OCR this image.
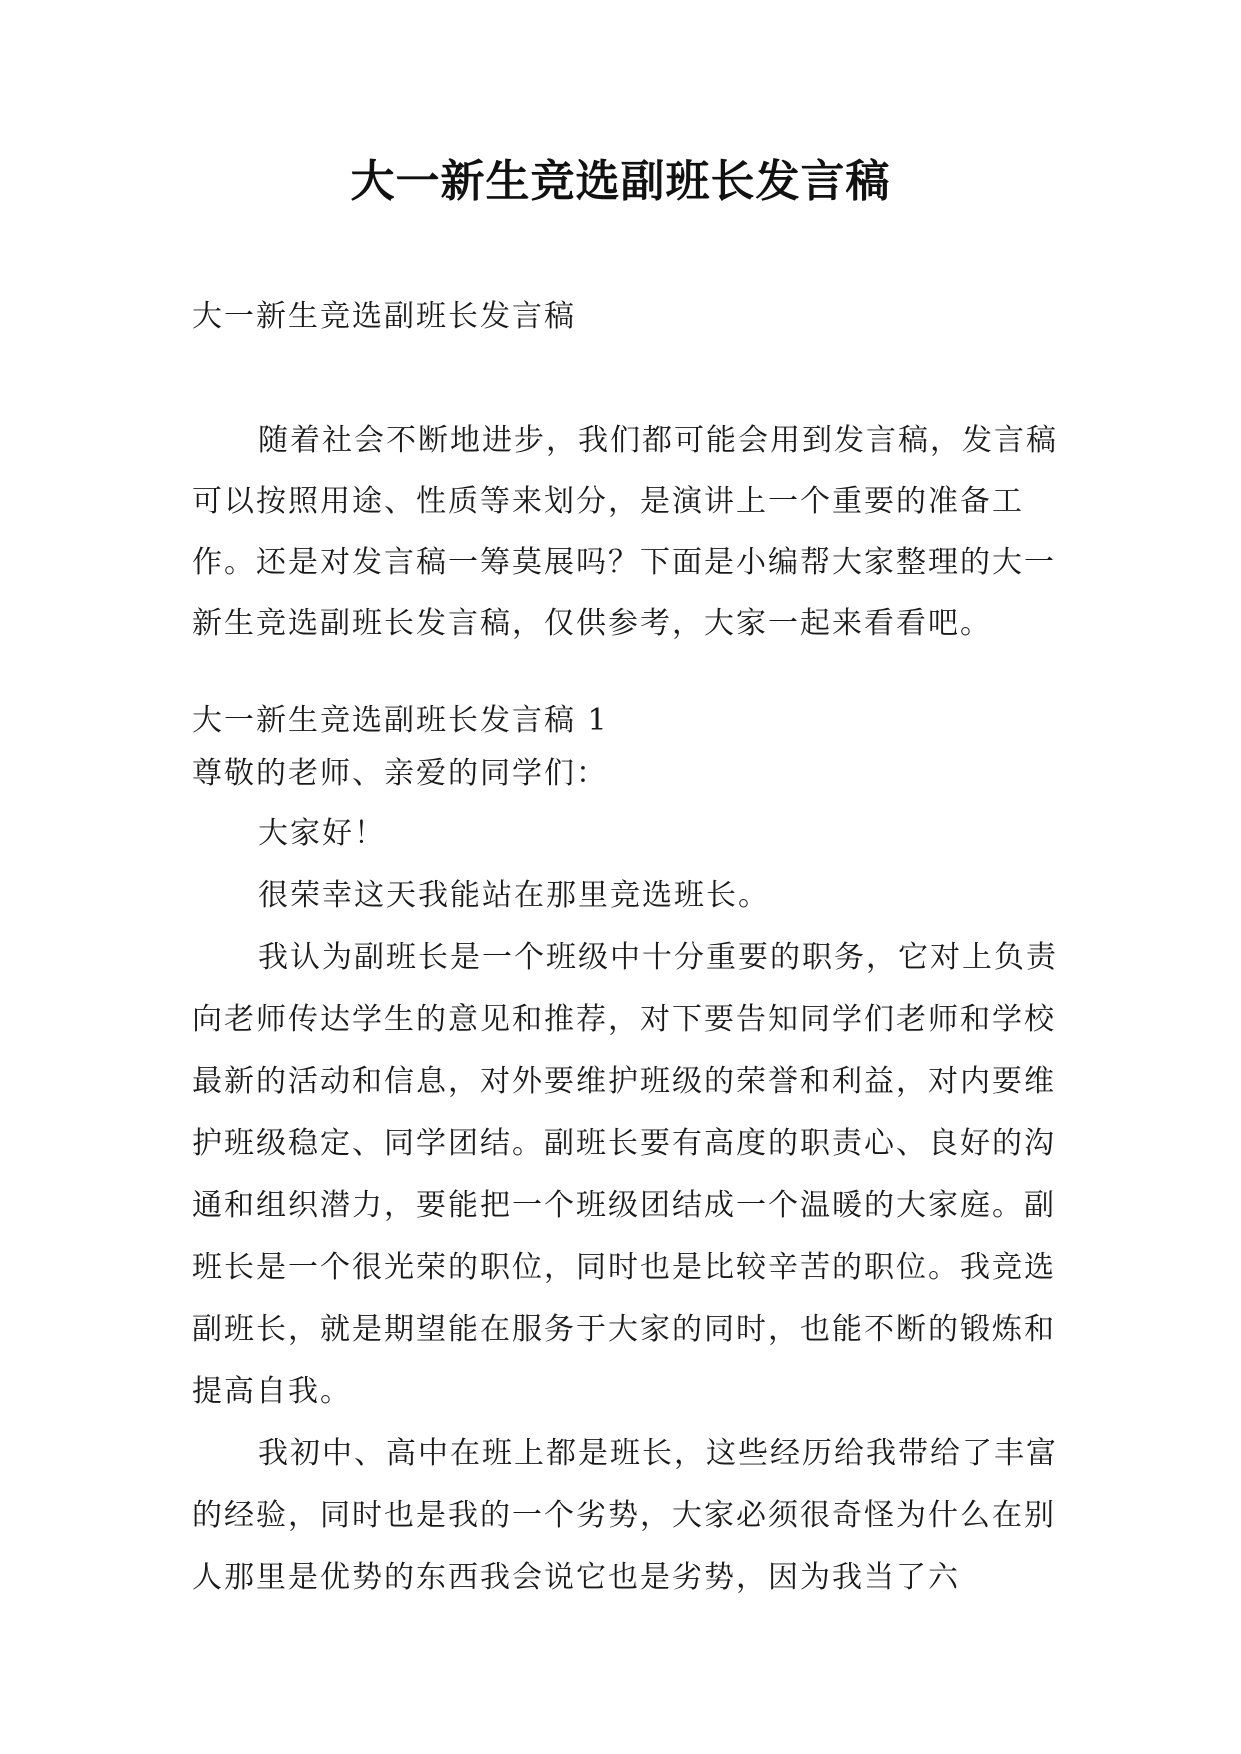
大一新生竞选副班长发言稿

大一新生竞选副班长发言稿

随着社会不断地进步，我们都可能会用到发言稿，发言稿可以按照用途、性质等来划分，是演讲上一个重要的准备工作。还是对发言稿一筹莫展吗？下面是小编帮大家整理的大一新生竞选副班长发言稿，仅供参考，大家一起来看看吧。

大一新生竞选副班长发言稿 1

尊敬的老师、亲爱的同学们：

大家好！

很荣幸这天我能站在那里竞选班长。

我认为副班长是一个班级中十分重要的职务，它对上负责向老师传达学生的意见和推荐，对下要告知同学们老师和学校最新的活动和信息，对外要维护班级的荣誉和利益，对内要维护班级稳定、同学团结。副班长要有高度的职责心、良好的沟通和组织潜力，要能把一个班级团结成一个温暖的大家庭。副班长是一个很光荣的职位，同时也是比较辛苦的职位。我竞选副班长，就是期望能在服务于大家的同时，也能不断的锻炼和提高自我。

我初中、高中在班上都是班长，这些经历给我带给了丰富的经验，同时也是我的一个劣势，大家必须很奇怪为什么在别人那里是优势的东西我会说它也是劣势，因为我当了六
